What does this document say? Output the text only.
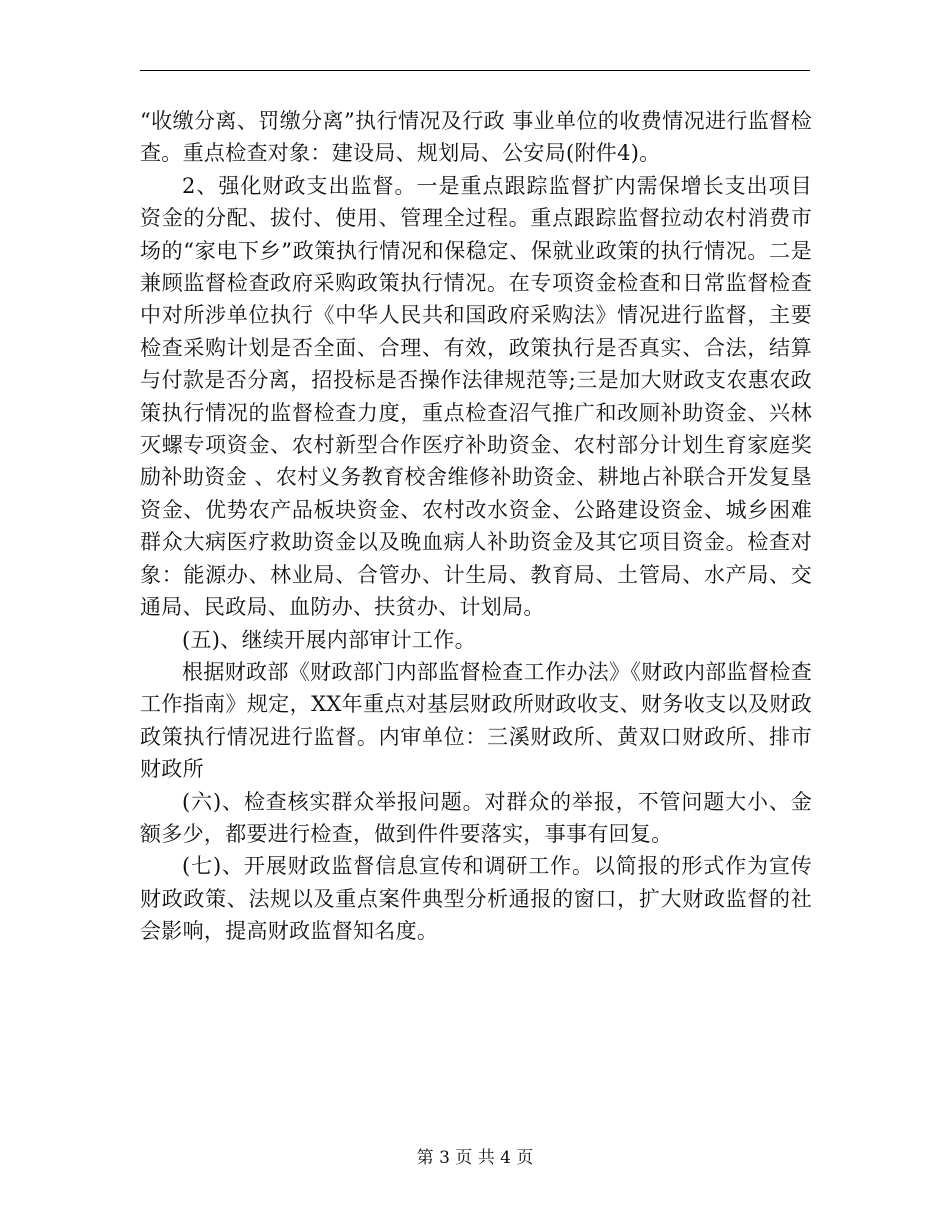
“收缴分离、罚缴分离”执行情况及行政 事业单位的收费情况进行监督检查。重点检查对象：建设局、规划局、公安局(附件4)。

2、强化财政支出监督。一是重点跟踪监督扩内需保增长支出项目资金的分配、拔付、使用、管理全过程。重点跟踪监督拉动农村消费市场的“家电下乡”政策执行情况和保稳定、保就业政策的执行情况。二是兼顾监督检查政府采购政策执行情况。在专项资金检查和日常监督检查中对所涉单位执行《中华人民共和国政府采购法》情况进行监督，主要检查采购计划是否全面、合理、有效，政策执行是否真实、合法，结算与付款是否分离，招投标是否操作法律规范等;三是加大财政支农惠农政策执行情况的监督检查力度，重点检查沼气推广和改厕补助资金、兴林灭螺专项资金、农村新型合作医疗补助资金、农村部分计划生育家庭奖励补助资金 、农村义务教育校舍维修补助资金、耕地占补联合开发复垦资金、优势农产品板块资金、农村改水资金、公路建设资金、城乡困难群众大病医疗救助资金以及晚血病人补助资金及其它项目资金。检查对象：能源办、林业局、合管办、计生局、教育局、土管局、水产局、交通局、民政局、血防办、扶贫办、计划局。

(五)、继续开展内部审计工作。

根据财政部《财政部门内部监督检查工作办法》《财政内部监督检查工作指南》规定，XX年重点对基层财政所财政收支、财务收支以及财政政策执行情况进行监督。内审单位：三溪财政所、黄双口财政所、排市财政所

(六)、检查核实群众举报问题。对群众的举报，不管问题大小、金额多少，都要进行检查，做到件件要落实，事事有回复。

(七)、开展财政监督信息宣传和调研工作。以简报的形式作为宣传财政政策、法规以及重点案件典型分析通报的窗口，扩大财政监督的社会影响，提高财政监督知名度。

第 3 页 共 4 页
